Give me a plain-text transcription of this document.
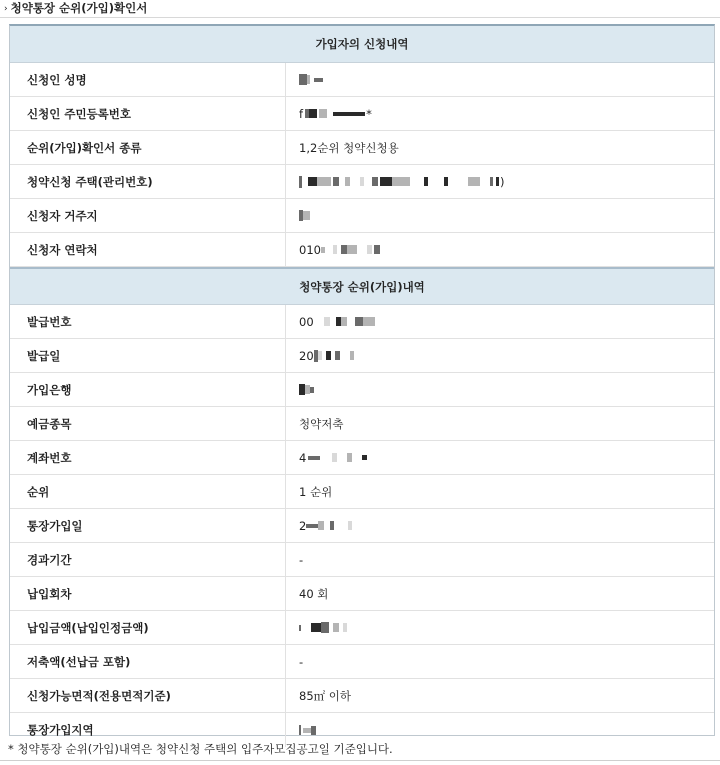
› 청약통장 순위(가입)확인서
가입자의 신청내역
신청인 성명
신청인 주민등록번호	f	*
순위(가입)확인서 종류	1,2순위 청약신청용
청약신청 주택(관리번호)	)
신청자 거주지
신청자 연락처	010
청약통장 순위(가입)내역
발급번호	00
발급일	20
가입은행
예금종목	청약저축
계좌번호	4
순위	1 순위
통장가입일	2
경과기간	-
납입회차	40 회
납입금액(납입인정금액)
저축액(선납금 포함)	-
신청가능면적(전용면적기준)	85㎡ 이하
통장가입지역
* 청약통장 순위(가입)내역은 청약신청 주택의 입주자모집공고일 기준입니다.
